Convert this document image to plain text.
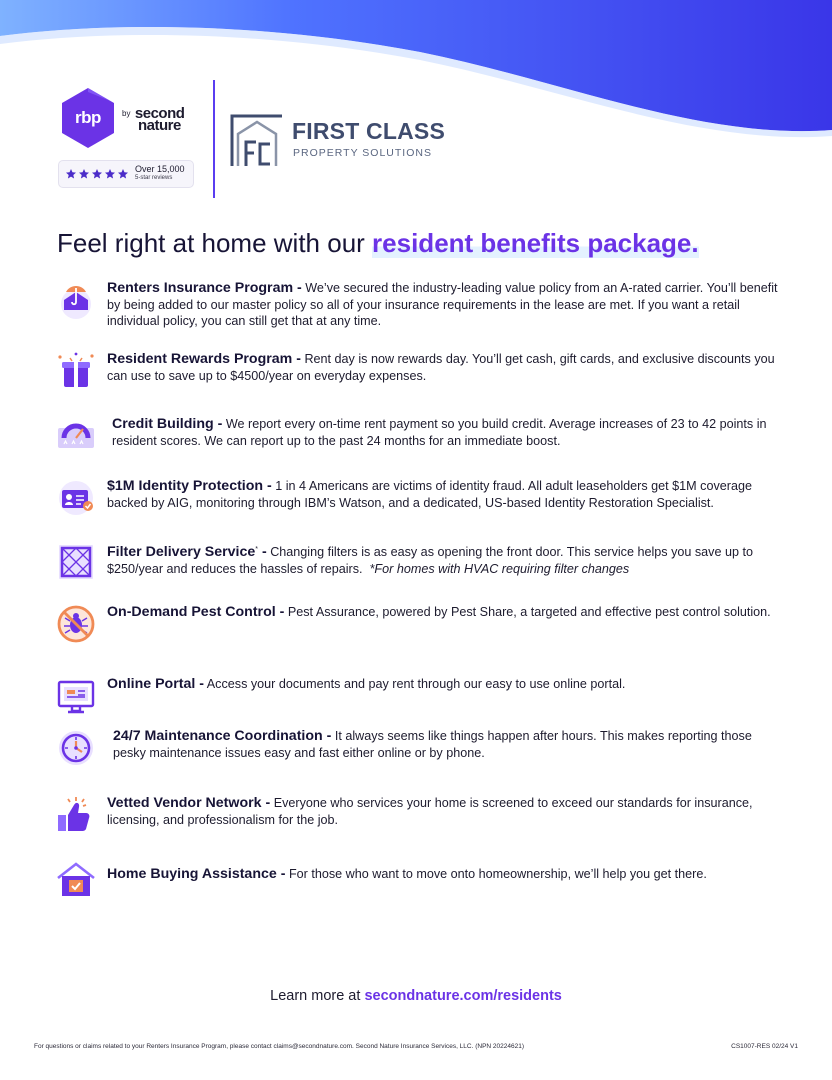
rbp	$^{by}$ second
nature
Over 15,000
5-star reviews
FIRST CLASS
PROPERTY SOLUTIONS
Feel right at home with our resident benefits package.
Renters Insurance Program - We’ve secured the industry-leading value policy from an A-rated carrier. You’ll benefit by being added to our master policy so all of your insurance requirements in the lease are met. If you want a retail individual policy, you can still get that at any time.
Resident Rewards Program - Rent day is now rewards day. You’ll get cash, gift cards, and exclusive discounts you can use to save up to $4500/year on everyday expenses.
Credit Building - We report every on-time rent payment so you build credit. Average increases of 23 to 42 points in resident scores. We can report up to the past 24 months for an immediate boost.
$1M Identity Protection - 1 in 4 Americans are victims of identity fraud. All adult leaseholders get $1M coverage backed by AIG, monitoring through IBM’s Watson, and a dedicated, US-based Identity Restoration Specialist.
Filter Delivery Service* - Changing filters is as easy as opening the front door. This service helps you save up to $250/year and reduces the hassles of repairs. *For homes with HVAC requiring filter changes
On-Demand Pest Control - Pest Assurance, powered by Pest Share, a targeted and effective pest control solution.
Online Portal - Access your documents and pay rent through our easy to use online portal.
24/7 Maintenance Coordination - It always seems like things happen after hours. This makes reporting those pesky maintenance issues easy and fast either online or by phone.
Vetted Vendor Network - Everyone who services your home is screened to exceed our standards for insurance, licensing, and professionalism for the job.
Home Buying Assistance - For those who want to move onto homeownership, we’ll help you get there.
Learn more at secondnature.com/residents
For questions or claims related to your Renters Insurance Program, please contact claims@secondnature.com. Second Nature Insurance Services, LLC. (NPN 20224621)	CS1007-RES 02/24 V1
